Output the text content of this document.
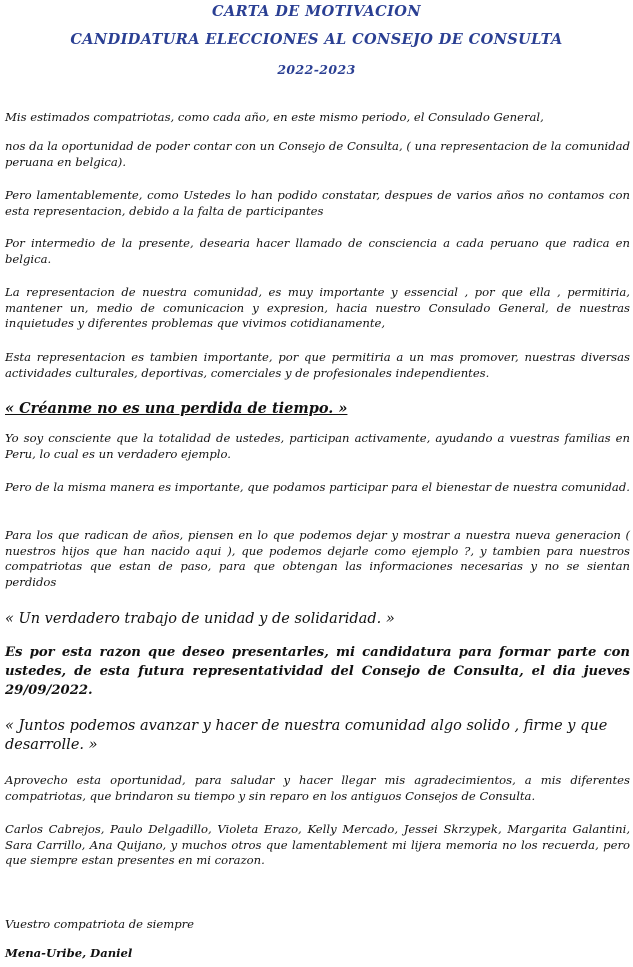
CARTA DE MOTIVACION
CANDIDATURA ELECCIONES AL CONSEJO DE CONSULTA
2022-2023
Mis estimados compatriotas, como cada año, en este mismo periodo, el Consulado General,
nos da la oportunidad de poder contar con un Consejo de Consulta, ( una representacion de la comunidad peruana en belgica).
Pero lamentablemente, como Ustedes lo han podido constatar, despues de varios años no contamos con esta representacion, debido a la falta de participantes
Por intermedio de la presente, desearia hacer llamado de consciencia a cada peruano que radica en belgica.
La representacion de nuestra comunidad, es muy importante y essencial , por que ella , permitiria, mantener un, medio de comunicacion y expresion, hacia nuestro Consulado General, de nuestras inquietudes y diferentes problemas que vivimos cotidianamente,
Esta representacion es tambien importante, por que permitiria a un mas promover, nuestras diversas actividades culturales, deportivas, comerciales y de profesionales independientes.
« Créanme no es una perdida de tiempo. »
Yo soy consciente que la totalidad de ustedes, participan activamente, ayudando a vuestras familias en Peru, lo cual es un verdadero ejemplo.
Pero de la misma manera es importante, que podamos participar para el bienestar de nuestra comunidad.
Para los que radican de años, piensen en lo que podemos dejar y mostrar a nuestra nueva generacion ( nuestros hijos que han nacido aqui ), que podemos dejarle como ejemplo ?, y tambien para nuestros compatriotas que estan de paso, para que obtengan las informaciones necesarias y no se sientan perdidos
« Un verdadero trabajo de unidad y de solidaridad. »
Es por esta razon que deseo presentarles, mi candidatura para formar parte con ustedes, de esta futura representatividad del Consejo de Consulta, el dia jueves 29/09/2022.
« Juntos podemos avanzar y hacer de nuestra comunidad algo solido , firme y que desarrolle. »
Aprovecho esta oportunidad, para saludar y hacer llegar mis agradecimientos, a mis diferentes compatriotas, que brindaron su tiempo y sin reparo en los antiguos Consejos de Consulta.
Carlos Cabrejos, Paulo Delgadillo, Violeta Erazo, Kelly Mercado, Jessei Skrzypek, Margarita Galantini, Sara Carrillo, Ana Quijano, y muchos otros que lamentablement mi lijera memoria no los recuerda, pero que siempre estan presentes en mi corazon.
Vuestro compatriota de siempre
Mena-Uribe, Daniel
